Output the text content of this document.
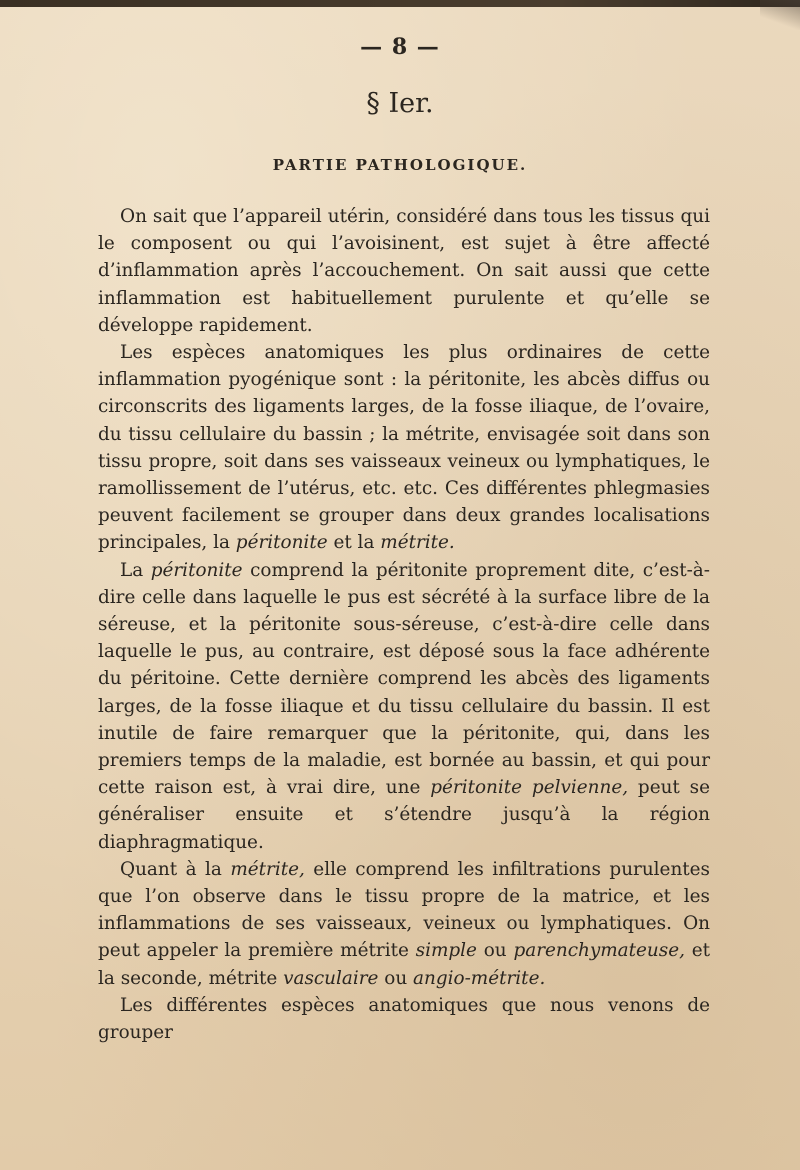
— 8 —
§ Ier.
PARTIE PATHOLOGIQUE.

On sait que l’appareil utérin, considéré dans tous les tissus qui le composent ou qui l’avoisinent, est sujet à être affecté d’inflammation après l’accouchement. On sait aussi que cette inflammation est habituellement purulente et qu’elle se développe rapidement.

Les espèces anatomiques les plus ordinaires de cette inflammation pyogénique sont : la péritonite, les abcès diffus ou circonscrits des ligaments larges, de la fosse iliaque, de l’ovaire, du tissu cellulaire du bassin ; la métrite, envisagée soit dans son tissu propre, soit dans ses vaisseaux veineux ou lymphatiques, le ramollissement de l’utérus, etc. etc. Ces différentes phlegmasies peuvent facilement se grouper dans deux grandes localisations principales, la péritonite et la métrite.

La péritonite comprend la péritonite proprement dite, c’est-à-dire celle dans laquelle le pus est sécrété à la surface libre de la séreuse, et la péritonite sous-séreuse, c’est-à-dire celle dans laquelle le pus, au contraire, est déposé sous la face adhérente du péritoine. Cette dernière comprend les abcès des ligaments larges, de la fosse iliaque et du tissu cellulaire du bassin. Il est inutile de faire remarquer que la péritonite, qui, dans les premiers temps de la maladie, est bornée au bassin, et qui pour cette raison est, à vrai dire, une péritonite pelvienne, peut se généraliser ensuite et s’étendre jusqu’à la région diaphragmatique.

Quant à la métrite, elle comprend les infiltrations purulentes que l’on observe dans le tissu propre de la matrice, et les inflammations de ses vaisseaux, veineux ou lymphatiques. On peut appeler la première métrite simple ou parenchymateuse, et la seconde, métrite vasculaire ou angio-métrite.

Les différentes espèces anatomiques que nous venons de grouper
